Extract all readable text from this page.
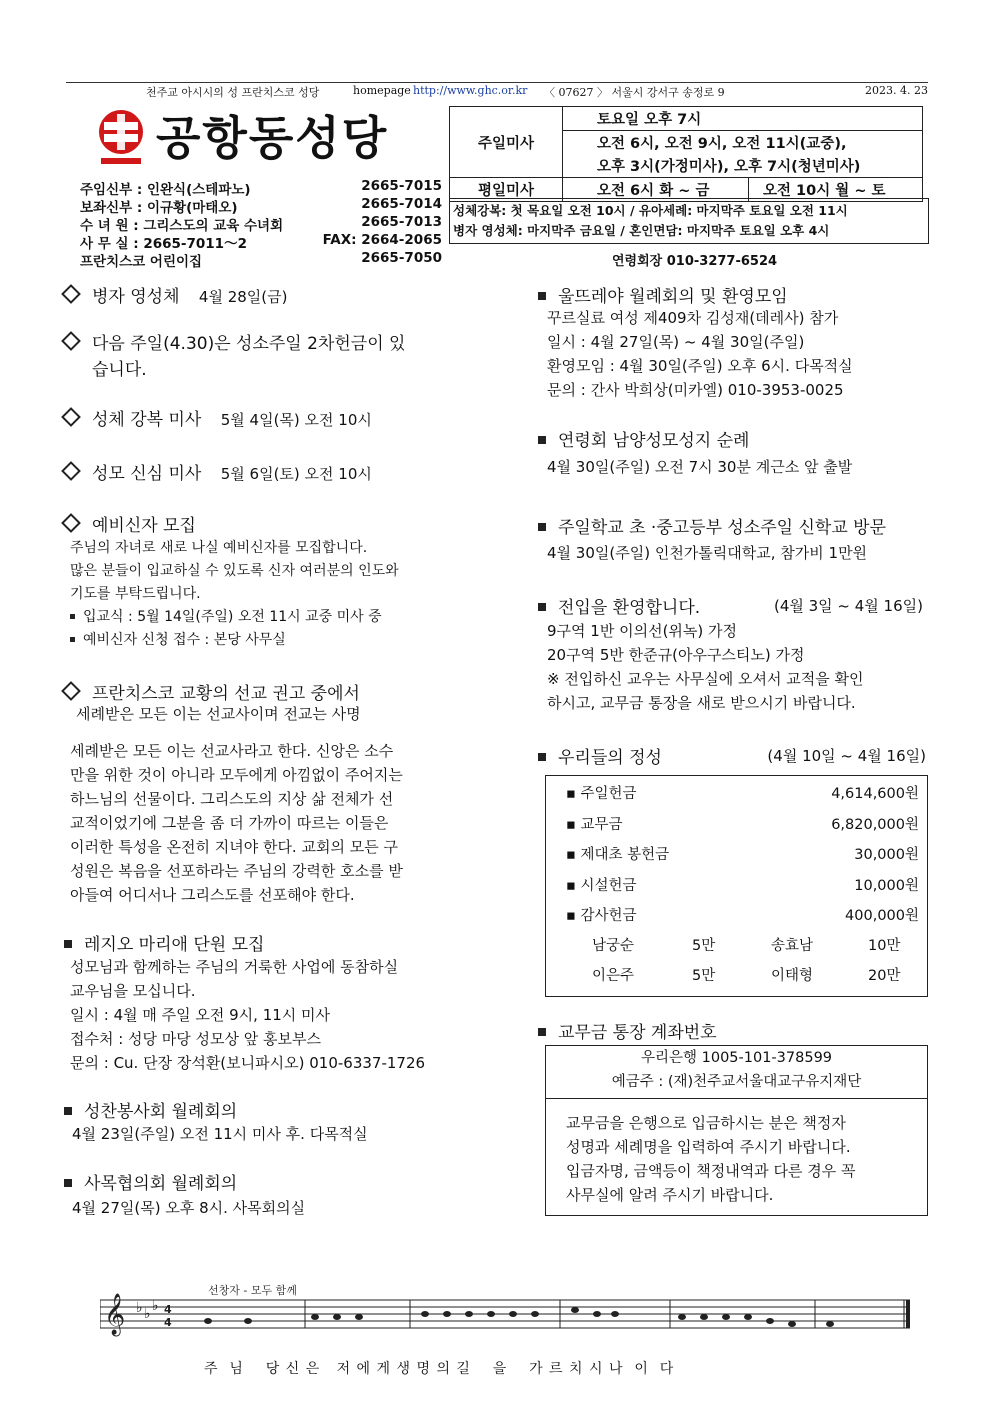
천주교 아시시의 성 프란치스코 성당	homepage http://www.ghc.or.kr 〈 07627 〉 서울시 강서구 송정로 9	2023. 4. 23
공항동성당
주임신부 : 인완식(스테파노)	2665-7015
보좌신부 : 이규황(마태오)	2665-7014
수 녀 원 : 그리스도의 교육 수녀회	2665-7013
사 무 실 : 2665-7011～2	FAX: 2664-2065
프란치스코 어린이집	2665-7050
주일미사	토요일 오후 7시	
	오전 6시, 오전 9시, 오전 11시(교중),	
	오후 3시(가정미사), 오후 7시(청년미사)	
평일미사	오전 6시 화 ~ 금	오전 10시 월 ~ 토
성체강복: 첫 목요일 오전 10시 / 유아세례: 마지막주 토요일 오전 11시
병자 영성체: 마지막주 금요일 / 혼인면담: 마지막주 토요일 오후 4시
연령회장 010-3277-6524
병자 영성체 4월 28일(금)
다음 주일(4.30)은 성소주일 2차헌금이 있
습니다.
성체 강복 미사 5월 4일(목) 오전 10시
성모 신심 미사 5월 6일(토) 오전 10시
예비신자 모집
주님의 자녀로 새로 나실 예비신자를 모집합니다.
많은 분들이 입교하실 수 있도록 신자 여러분의 인도와
기도를 부탁드립니다.
입교식 : 5월 14일(주일) 오전 11시 교중 미사 중
예비신자 신청 접수 : 본당 사무실
프란치스코 교황의 선교 권고 중에서
세례받은 모든 이는 선교사이며 전교는 사명
세례받은 모든 이는 선교사라고 한다. 신앙은 소수
만을 위한 것이 아니라 모두에게 아낌없이 주어지는
하느님의 선물이다. 그리스도의 지상 삶 전체가 선
교적이었기에 그분을 좀 더 가까이 따르는 이들은
이러한 특성을 온전히 지녀야 한다. 교회의 모든 구
성원은 복음을 선포하라는 주님의 강력한 호소를 받
아들여 어디서나 그리스도를 선포해야 한다.
레지오 마리애 단원 모집
성모님과 함께하는 주님의 거룩한 사업에 동참하실
교우님을 모십니다.
일시 : 4월 매 주일 오전 9시, 11시 미사
접수처 : 성당 마당 성모상 앞 홍보부스
문의 : Cu. 단장 장석환(보니파시오) 010-6337-1726
성찬봉사회 월례회의
4월 23일(주일) 오전 11시 미사 후. 다목적실
사목협의회 월례회의
4월 27일(목) 오후 8시. 사목회의실
울뜨레야 월례회의 및 환영모임
꾸르실료 여성 제409차 김성재(데레사) 참가
일시 : 4월 27일(목) ~ 4월 30일(주일)
환영모임 : 4월 30일(주일) 오후 6시. 다목적실
문의 : 간사 박희상(미카엘) 010-3953-0025
연령회 남양성모성지 순례
4월 30일(주일) 오전 7시 30분 계근소 앞 출발
주일학교 초 ·중고등부 성소주일 신학교 방문
4월 30일(주일) 인천가톨릭대학교, 참가비 1만원
전입을 환영합니다.	(4월 3일 ~ 4월 16일)
9구역 1반 이의선(위녹) 가정
20구역 5반 한준규(아우구스티노) 가정
※ 전입하신 교우는 사무실에 오셔서 교적을 확인
하시고, 교무금 통장을 새로 받으시기 바랍니다.
우리들의 정성	(4월 10일 ~ 4월 16일)
▪ 주일헌금	4,614,600원
▪ 교무금	6,820,000원
▪ 제대초 봉헌금	30,000원
▪ 시설헌금	10,000원
▪ 감사헌금	400,000원
남궁순	5만	송효남	10만
이은주	5만	이태형	20만
교무금 통장 계좌번호
우리은행 1005-101-378599
예금주 : (재)천주교서울대교구유지재단
교무금을 은행으로 입금하시는 분은 책정자
성명과 세례명을 입력하여 주시기 바랍니다.
입금자명, 금액등이 책정내역과 다른 경우 꼭
사무실에 알려 주시기 바랍니다.
𝄞 ♭ ♭ ♭ 4
4
선창자 - 모두 함께
주  님    당 신 은   저 에 게 생 명 의 길    을    가 르 치 시 나  이  다
